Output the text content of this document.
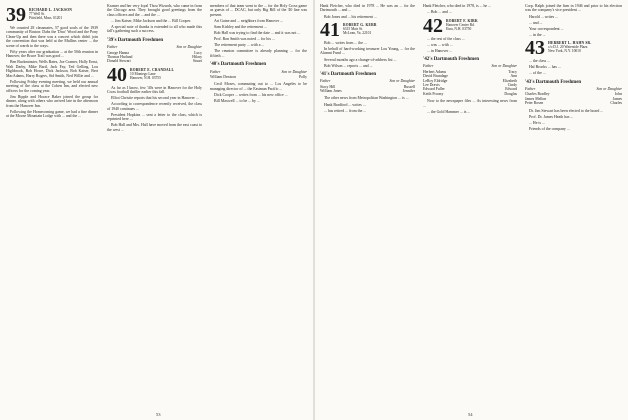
39 RICHARD L. JACKSON
77 Well St.
Pittsfield, Mass. 01201

We counted 28 classmates, 57 good souls of the 1939 community of Boston: Dabs the 'Drac' Wood and the Pony Clean-Up and then there was a concert which didn't join the convention that was held at the Mullins center ... the scene of wards to the ways.

Fifty years after our graduation ... at the 50th reunion in Hanover, the Bruce Trail was good ...

Ben Buckminster, Wells Bates, Joe Cramer, Holly Ernst, Walt Darby, Mike Bartl, Jack Fay, Ted Gelling, Lou Highbrook, Bob Howe, Dick Jackson, Bob Kaiser, Bert MacAdams, Harry Rogers, Sid Smith, Ned Willie and ...

Following Friday evening meeting, we held our annual meeting of the class at the Cohen Inn, and elected new officers for the coming year.

Jim Ripple and Horace Baker joined the group for dinner, along with others who arrived late in the afternoon from the Hanover Inn.

Following the Homecoming game, we had a fine dinner at the Moose Mountain Lodge with ... and the ...

Kramer and her very loyal Thou Wizards, who came in from the Chicago area. They brought good greetings from the class officers and the ... and the ...

... Jim Kaiser, Mike Jackson and the ... Bill Cooper.

A special note of thanks is extended to all who made this fall's gathering such a success.

'39's Dartmouth Freshmen
Father	Son or Daughter
George Hanna	Lucy
Thomas Harland	Hilary
Donald Stewart	Stuart
40 ROBERT E. CRANDALL
10 Montego Lane
Hanover, N.H. 03755

As far as I know, few '40s were in Hanover for the Holy Cross football thriller earlier this fall.

Elliot Christie reports that his second year in Hanover ...

According to correspondence recently received, the class of 1940 continues ...

President Hopkins ... sent a letter to the class, which is reprinted here ...

Bob Hall and Mrs. Hall have moved from the east coast to the west ...

members of that team went to the ... for the Holy Cross game as guests of ... DCAC, but only Big Bill of the '40 line was present.

Art Gaine and ... neighbors from Hanover ...

Sam Kirkley and the retirement ...

Bob Hall was trying to find the date ... and it was not ...

Prof. Ron Smith was noted ... for his ...

The retirement party ... with a ...

The reunion committee is already planning ... for the fiftieth ...

'40's Dartmouth Freshmen
Father	Son or Daughter
William Denison	Polly

Cecil Moses, commuting out to ... Los Angeles to be managing director of ... the Eastman Pacific ...

Dick Cooper ... writes from ... his new office ...

Bill Maxwell ... to be ... by ...

53

Hank Fletcher, who died in 1978 ... He was an ... for the Dartmouth ... and ...

Bob Jones and ... his retirement ...

41 ROBERT G. KERR
6315 Mair St.
McLean, Va. 22101

Bob ... writes from ... the ...

In behalf of hard-working treasurer Lou Young, ... for the Alumni Fund ...

Several months ago a change-of-address list ...

Bob Wilson ... reports ... and ...

'41's Dartmouth Freshmen
Father	Son or Daughter
Stacy Hill	Russell
William Jones	Jennifer

The other news from Metropolitan Washington ... is ...

Hank Bradford ... writes ...

... has retired ... from the ...

Hank Fletcher, who died in 1978, is ... he ...

... Bob ... and ...

42 ROBERT F. KIRK
Hanover Center Rd.
Etna, N.H. 03750

... the rest of the class ...

... was ... with ...

... in Hanover ...

'42's Dartmouth Freshmen
Father	Son or Daughter
Herbert Adams	Tracy
David Brundage	Ann
LeRoy Eldridge	Elizabeth
Lee Dravis	Cindy
Edward Fuller	Edward
Keith Proony	Douglas

Now to the newspaper files ... As interesting news from ...

... the Gold Hammer ... is ...

Corp. Ralph joined the firm in 1946 and prior to his election was the company's vice president ...

Harold ... writes ...

... and ...

Your correspondent ...

... in the ...

43 HERBERT L. HAHN SR.
c/o D.J. 20 Waterside Plaza
New York, N.Y. 10010

... the class ...

Hal Brooks ... has ...

... of the ...

'43's Dartmouth Freshmen
Father	Son or Daughter
Charles Bradley	John
James Mellon	James
Peter Rosen	Charles

Dr. Jim Stewart has been elected to the board ...

Prof. Dr. James Heath has ...

... He is ...

Friends of the company ...

54
